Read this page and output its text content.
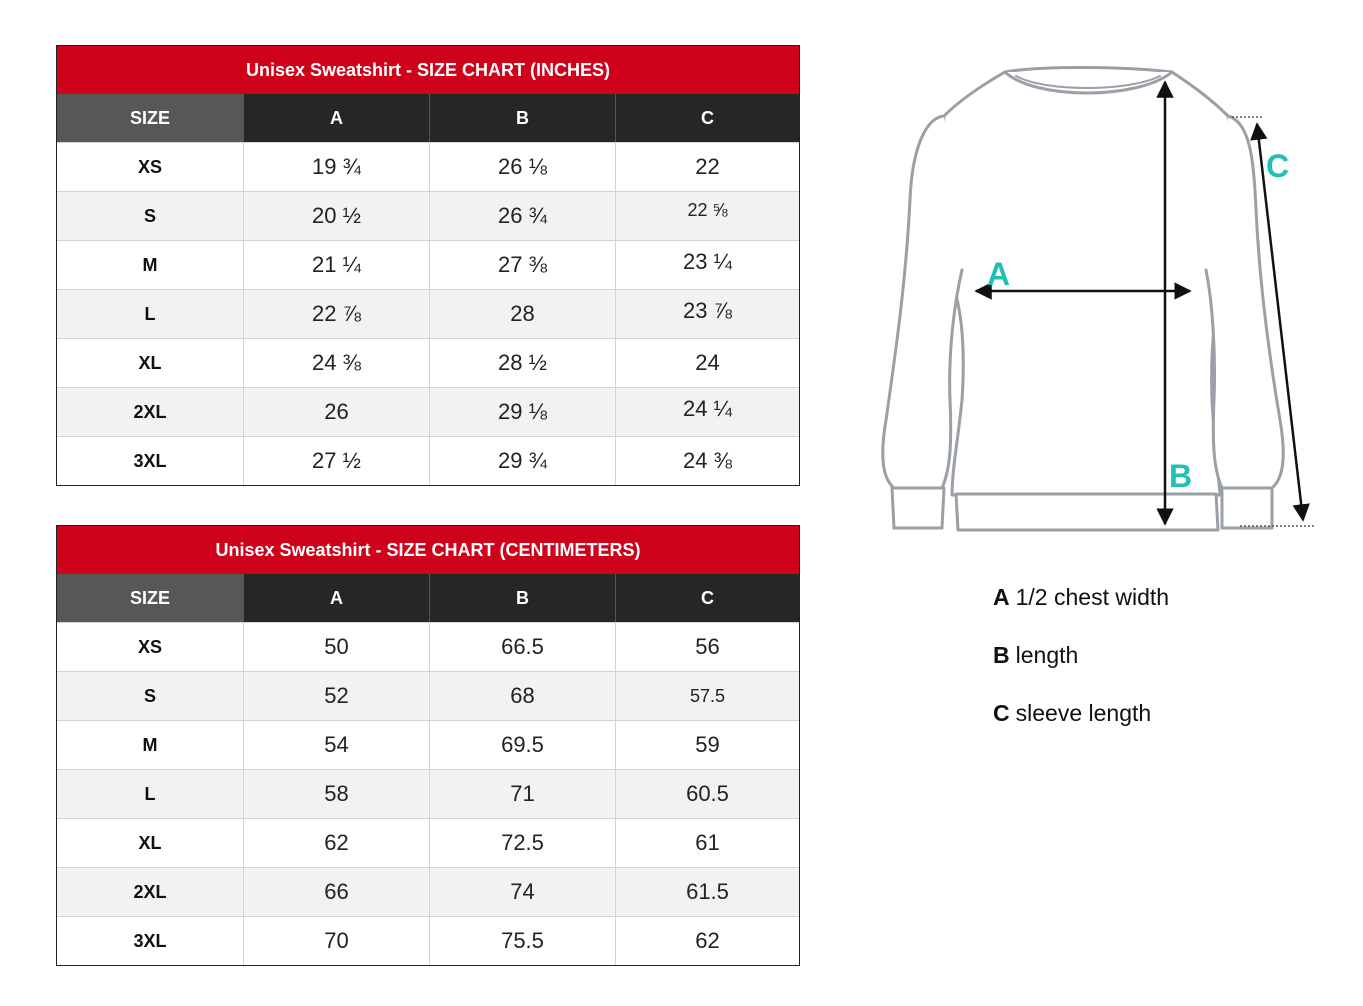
Unisex Sweatshirt - SIZE CHART (INCHES)
SIZE	A	B	C
XS	19 ¾	26 ⅛	22
S	20 ½	26 ¾	22 ⅝
M	21 ¼	27 ⅜	23 ¼
L	22 ⅞	28	23 ⅞
XL	24 ⅜	28 ½	24
2XL	26	29 ⅛	24 ¼
3XL	27 ½	29 ¾	24 ⅜
Unisex Sweatshirt - SIZE CHART (CENTIMETERS)
SIZE	A	B	C
XS	50	66.5	56
S	52	68	57.5
M	54	69.5	59
L	58	71	60.5
XL	62	72.5	61
2XL	66	74	61.5
3XL	70	75.5	62
A
B
C
A 1/2 chest width
B length
C sleeve length
